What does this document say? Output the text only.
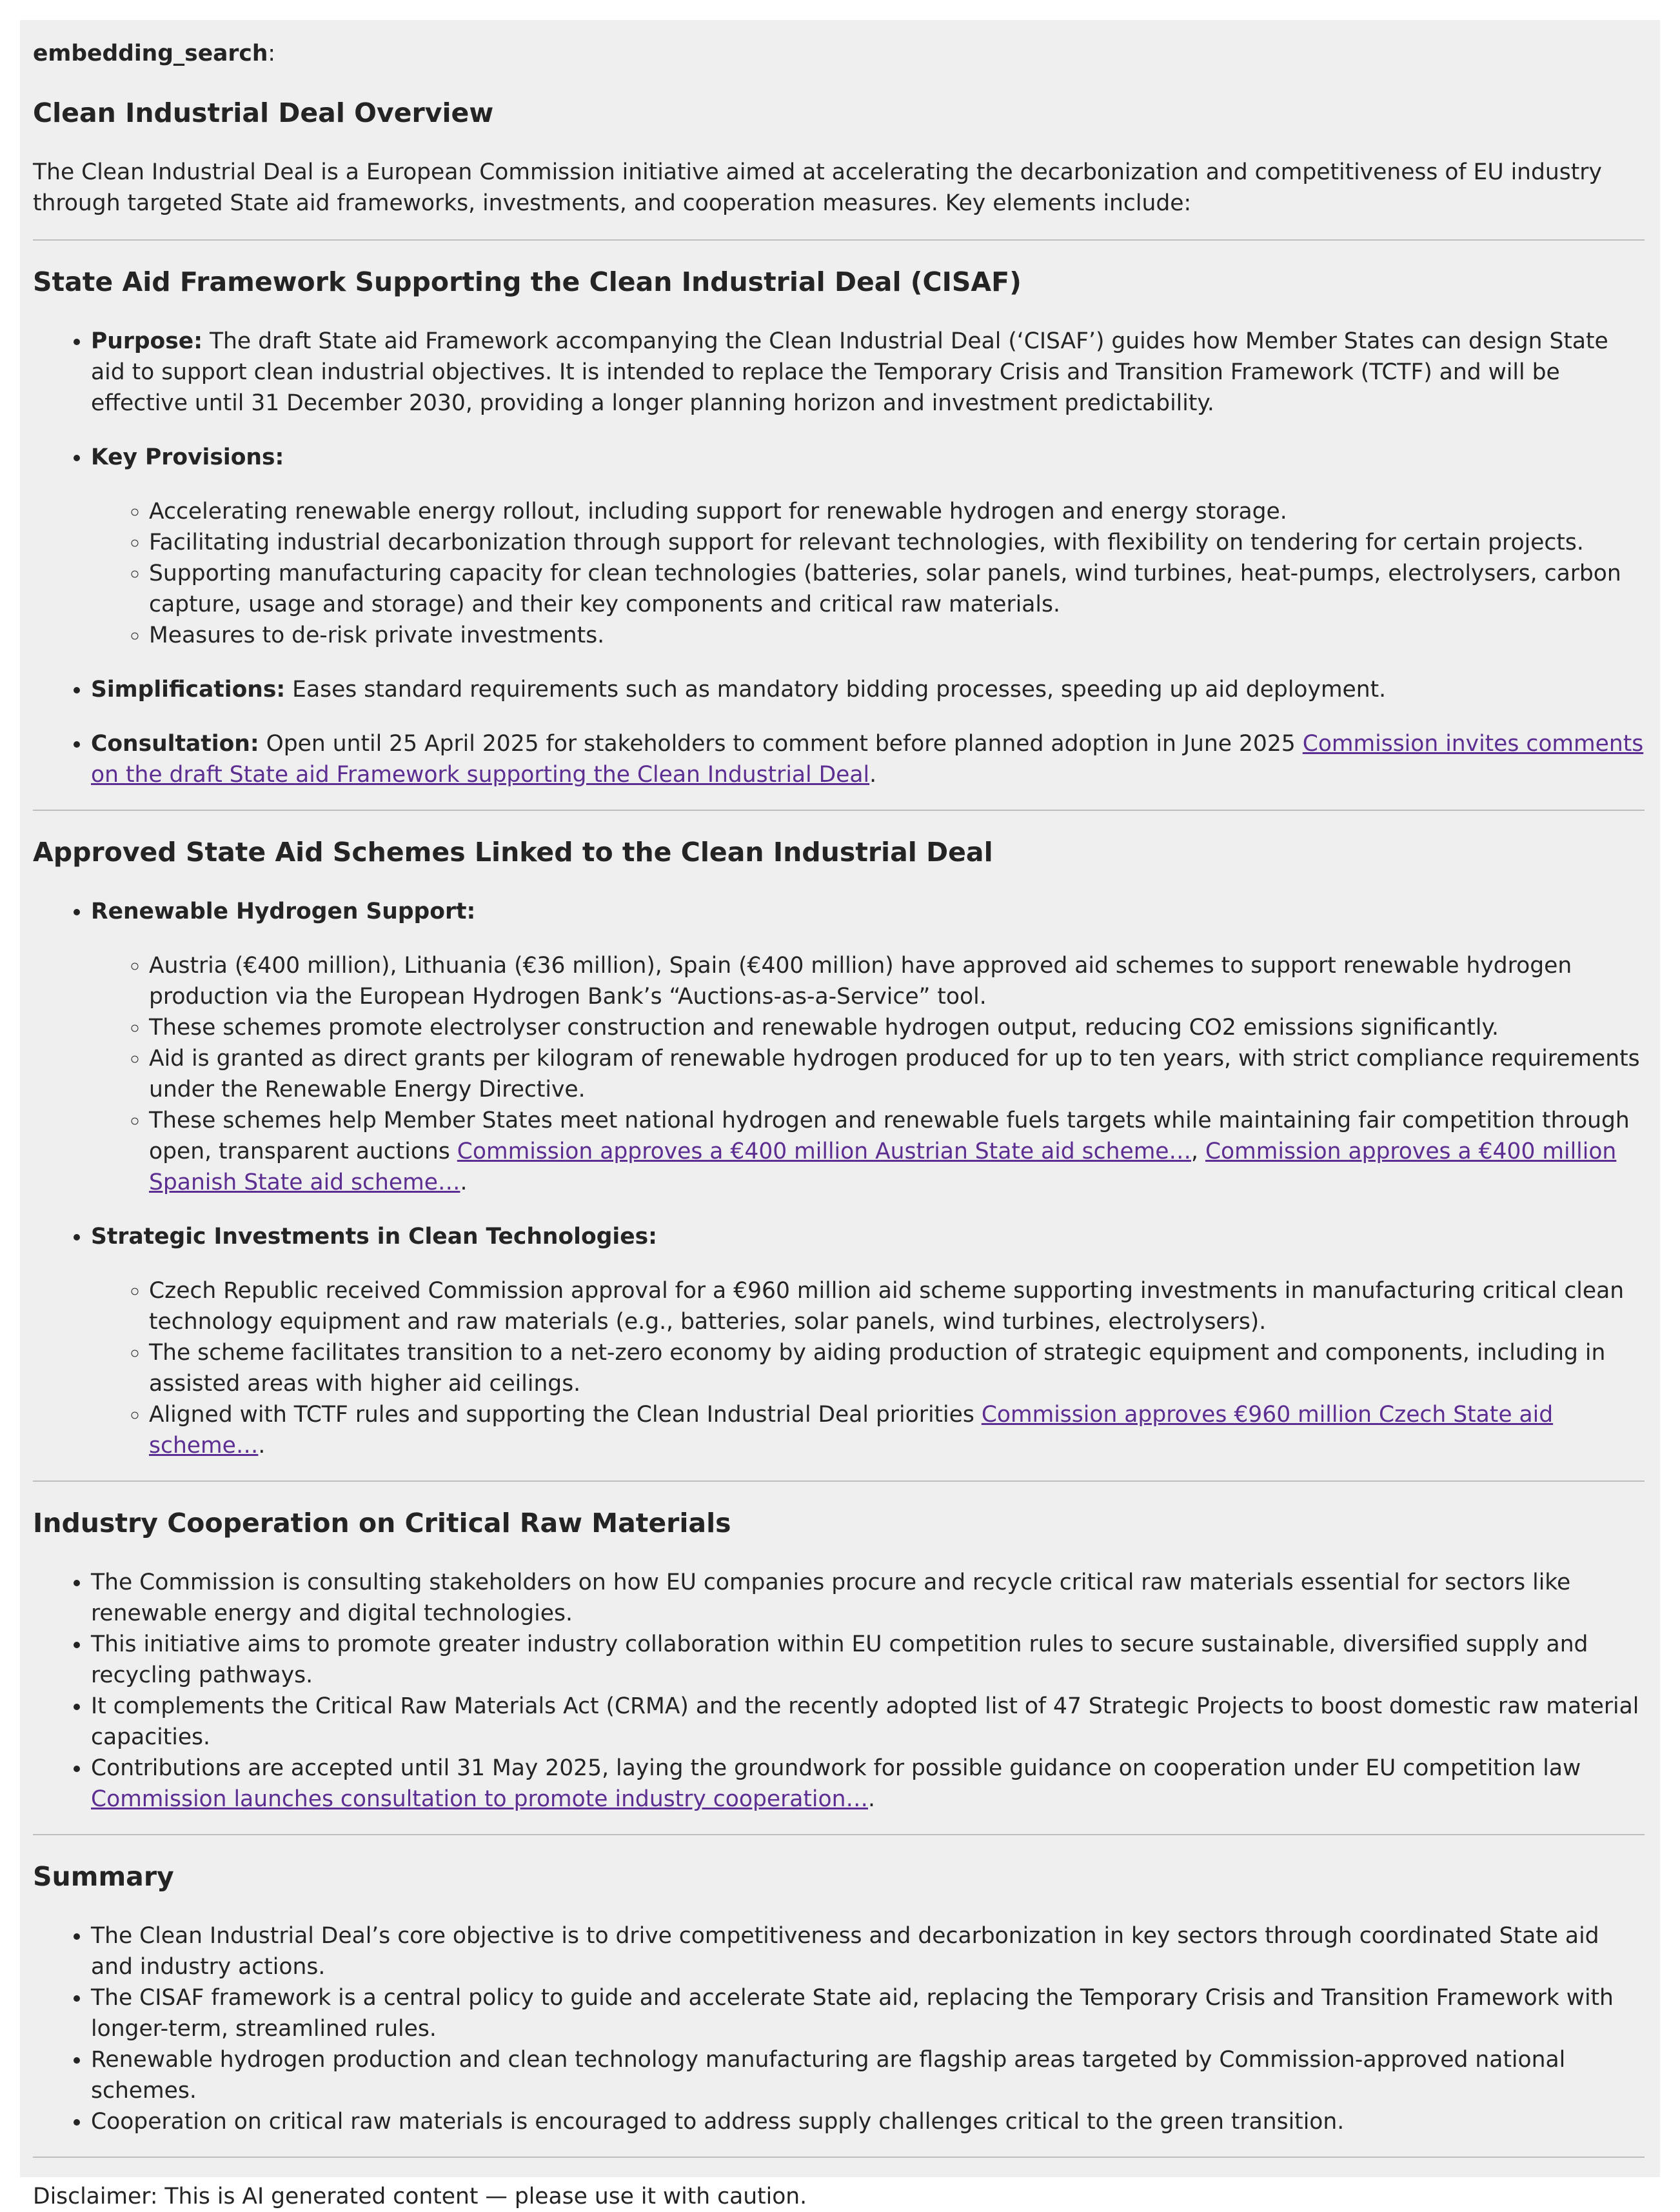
embedding_search:

Clean Industrial Deal Overview

The Clean Industrial Deal is a European Commission initiative aimed at accelerating the decarbonization and competitiveness of EU industry through targeted State aid frameworks, investments, and cooperation measures. Key elements include:

State Aid Framework Supporting the Clean Industrial Deal (CISAF)

• Purpose: The draft State aid Framework accompanying the Clean Industrial Deal (‘CISAF’) guides how Member States can design State aid to support clean industrial objectives. It is intended to replace the Temporary Crisis and Transition Framework (TCTF) and will be effective until 31 December 2030, providing a longer planning horizon and investment predictability.

• Key Provisions:

◦ Accelerating renewable energy rollout, including support for renewable hydrogen and energy storage.
◦ Facilitating industrial decarbonization through support for relevant technologies, with flexibility on tendering for certain projects.
◦ Supporting manufacturing capacity for clean technologies (batteries, solar panels, wind turbines, heat-pumps, electrolysers, carbon capture, usage and storage) and their key components and critical raw materials.
◦ Measures to de-risk private investments.

• Simplifications: Eases standard requirements such as mandatory bidding processes, speeding up aid deployment.

• Consultation: Open until 25 April 2025 for stakeholders to comment before planned adoption in June 2025 Commission invites comments on the draft State aid Framework supporting the Clean Industrial Deal.

Approved State Aid Schemes Linked to the Clean Industrial Deal

• Renewable Hydrogen Support:

◦ Austria (€400 million), Lithuania (€36 million), Spain (€400 million) have approved aid schemes to support renewable hydrogen production via the European Hydrogen Bank’s “Auctions-as-a-Service” tool.
◦ These schemes promote electrolyser construction and renewable hydrogen output, reducing CO2 emissions significantly.
◦ Aid is granted as direct grants per kilogram of renewable hydrogen produced for up to ten years, with strict compliance requirements under the Renewable Energy Directive.
◦ These schemes help Member States meet national hydrogen and renewable fuels targets while maintaining fair competition through open, transparent auctions Commission approves a €400 million Austrian State aid scheme…, Commission approves a €400 million Spanish State aid scheme….

• Strategic Investments in Clean Technologies:

◦ Czech Republic received Commission approval for a €960 million aid scheme supporting investments in manufacturing critical clean technology equipment and raw materials (e.g., batteries, solar panels, wind turbines, electrolysers).
◦ The scheme facilitates transition to a net-zero economy by aiding production of strategic equipment and components, including in assisted areas with higher aid ceilings.
◦ Aligned with TCTF rules and supporting the Clean Industrial Deal priorities Commission approves €960 million Czech State aid scheme….
Industry Cooperation on Critical Raw Materials
• The Commission is consulting stakeholders on how EU companies procure and recycle critical raw materials essential for sectors like renewable energy and digital technologies.
• This initiative aims to promote greater industry collaboration within EU competition rules to secure sustainable, diversified supply and recycling pathways.
• It complements the Critical Raw Materials Act (CRMA) and the recently adopted list of 47 Strategic Projects to boost domestic raw material capacities.
• Contributions are accepted until 31 May 2025, laying the groundwork for possible guidance on cooperation under EU competition law Commission launches consultation to promote industry cooperation….
Summary
• The Clean Industrial Deal’s core objective is to drive competitiveness and decarbonization in key sectors through coordinated State aid and industry actions.
• The CISAF framework is a central policy to guide and accelerate State aid, replacing the Temporary Crisis and Transition Framework with longer-term, streamlined rules.
• Renewable hydrogen production and clean technology manufacturing are flagship areas targeted by Commission-approved national schemes.
• Cooperation on critical raw materials is encouraged to address supply challenges critical to the green transition.

Disclaimer: This is AI generated content — please use it with caution.
